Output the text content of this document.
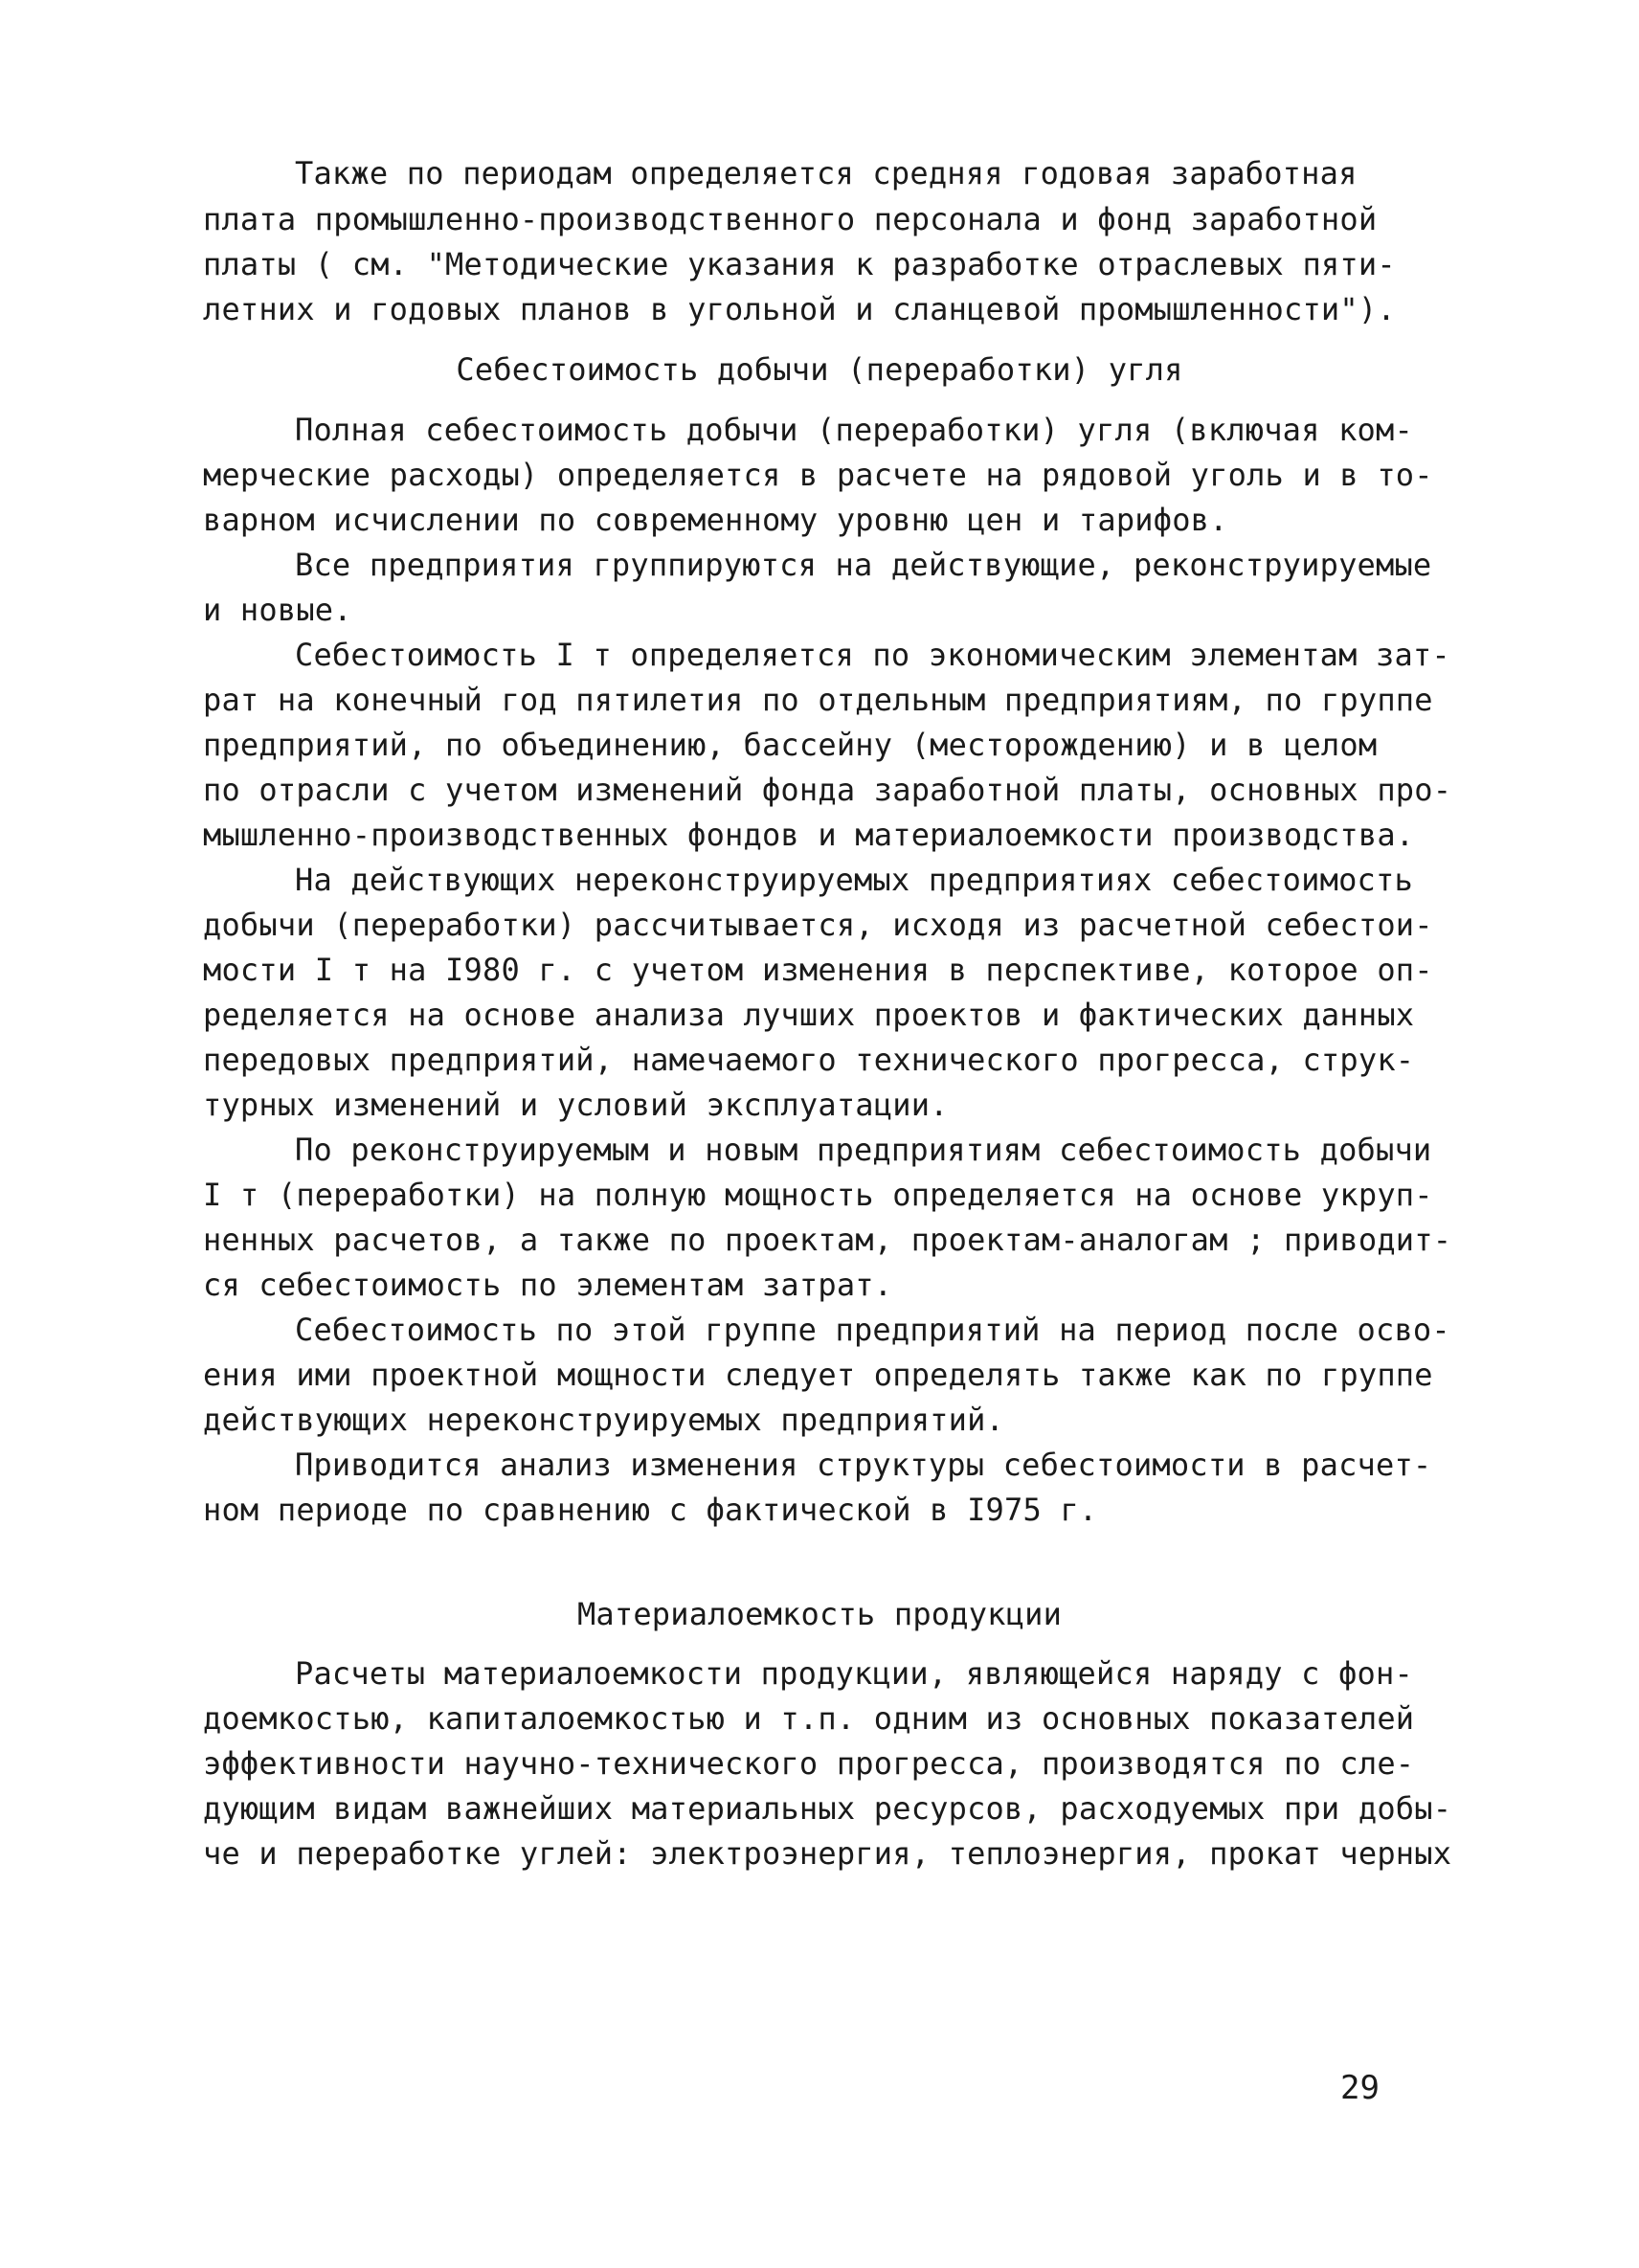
Также по периодам определяется средняя годовая заработная
плата промышленно-производственного персонала и фонд заработной
платы ( см. "Методические указания к разработке отраслевых пяти-
летних и годовых планов в угольной и сланцевой промышленности").
Себестоимость добычи (переработки) угля
Полная себестоимость добычи (переработки) угля (включая ком-
мерческие расходы) определяется в расчете на рядовой уголь и в то-
варном исчислении по современному уровню цен и тарифов.
Все предприятия группируются на действующие, реконструируемые
и новые.
Себестоимость I т определяется по экономическим элементам зат-
рат на конечный год пятилетия по отдельным предприятиям, по группе
предприятий, по объединению, бассейну (месторождению) и в целом
по отрасли с учетом изменений фонда заработной платы, основных про-
мышленно-производственных фондов и материалоемкости производства.
На действующих нереконструируемых предприятиях себестоимость
добычи (переработки) рассчитывается, исходя из расчетной себестои-
мости I т на I980 г. с учетом изменения в перспективе, которое оп-
ределяется на основе анализа лучших проектов и фактических данных
передовых предприятий, намечаемого технического прогресса, струк-
турных изменений и условий эксплуатации.
По реконструируемым и новым предприятиям себестоимость добычи
I т (переработки) на полную мощность определяется на основе укруп-
ненных расчетов, а также по проектам, проектам-аналогам ; приводит-
ся себестоимость по элементам затрат.
Себестоимость по этой группе предприятий на период после осво-
ения ими проектной мощности следует определять также как по группе
действующих нереконструируемых предприятий.
Приводится анализ изменения структуры себестоимости в расчет-
ном периоде по сравнению с фактической в I975 г.
Материалоемкость продукции
Расчеты материалоемкости продукции, являющейся наряду с фон-
доемкостью, капиталоемкостью и т.п. одним из основных показателей
эффективности научно-технического прогресса, производятся по сле-
дующим видам важнейших материальных ресурсов, расходуемых при добы-
че и переработке углей: электроэнергия, теплоэнергия, прокат черных
29
